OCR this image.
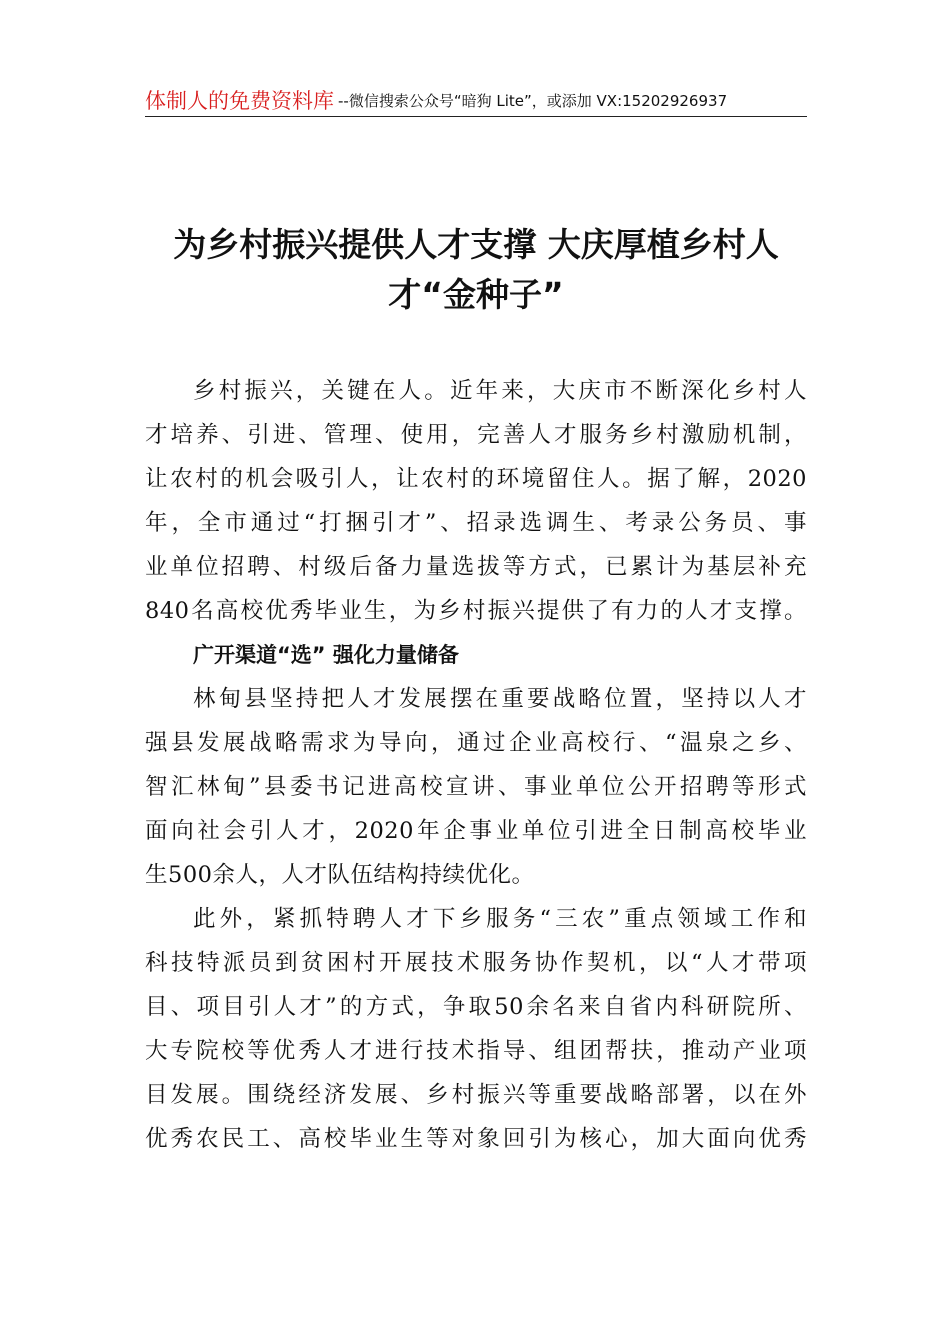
体制人的免费资料库 --微信搜索公众号“暗狗 Lite”，或添加 VX:15202926937
为乡村振兴提供人才支撑 大庆厚植乡村人
才“金种子”
乡村振兴，关键在人。近年来，大庆市不断深化乡村人
才培养、引进、管理、使用，完善人才服务乡村激励机制，
让农村的机会吸引人，让农村的环境留住人。据了解，2020
年，全市通过“打捆引才”、招录选调生、考录公务员、事
业单位招聘、村级后备力量选拔等方式，已累计为基层补充
840名高校优秀毕业生，为乡村振兴提供了有力的人才支撑。
广开渠道“选” 强化力量储备
林甸县坚持把人才发展摆在重要战略位置，坚持以人才
强县发展战略需求为导向，通过企业高校行、“温泉之乡、
智汇林甸”县委书记进高校宣讲、事业单位公开招聘等形式
面向社会引人才，2020年企事业单位引进全日制高校毕业
生500余人，人才队伍结构持续优化。
此外，紧抓特聘人才下乡服务“三农”重点领域工作和
科技特派员到贫困村开展技术服务协作契机，以“人才带项
目、项目引人才”的方式，争取50余名来自省内科研院所、
大专院校等优秀人才进行技术指导、组团帮扶，推动产业项
目发展。围绕经济发展、乡村振兴等重要战略部署，以在外
优秀农民工、高校毕业生等对象回引为核心，加大面向优秀
